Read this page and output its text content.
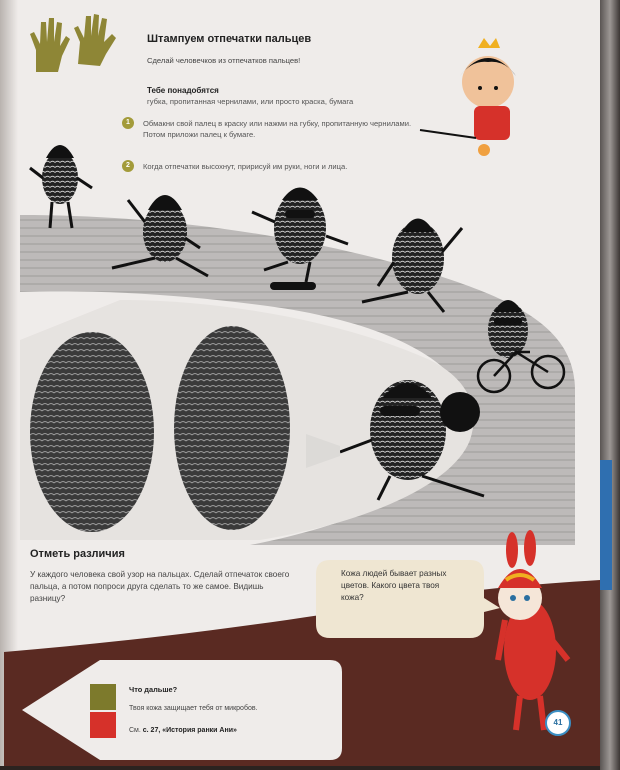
Штампуем отпечатки пальцев
Сделай человечков из отпечатков пальцев!
Тебе понадобятся
губка, пропитанная чернилами, или просто краска, бумага
1	Обмакни свой палец в краску или нажми на губку, пропитанную чернилами. Потом приложи палец к бумаге.
2	Когда отпечатки высохнут, пририсуй им руки, ноги и лица.
Отметь различия
У каждого человека свой узор на пальцах. Сделай отпечаток своего пальца, а потом попроси друга сделать то же самое. Видишь разницу?
Кожа людей бывает разных цветов. Какого цвета твоя кожа?
Что дальше?
Твоя кожа защищает тебя от микробов.
См. с. 27, «История ранки Ани»
41
